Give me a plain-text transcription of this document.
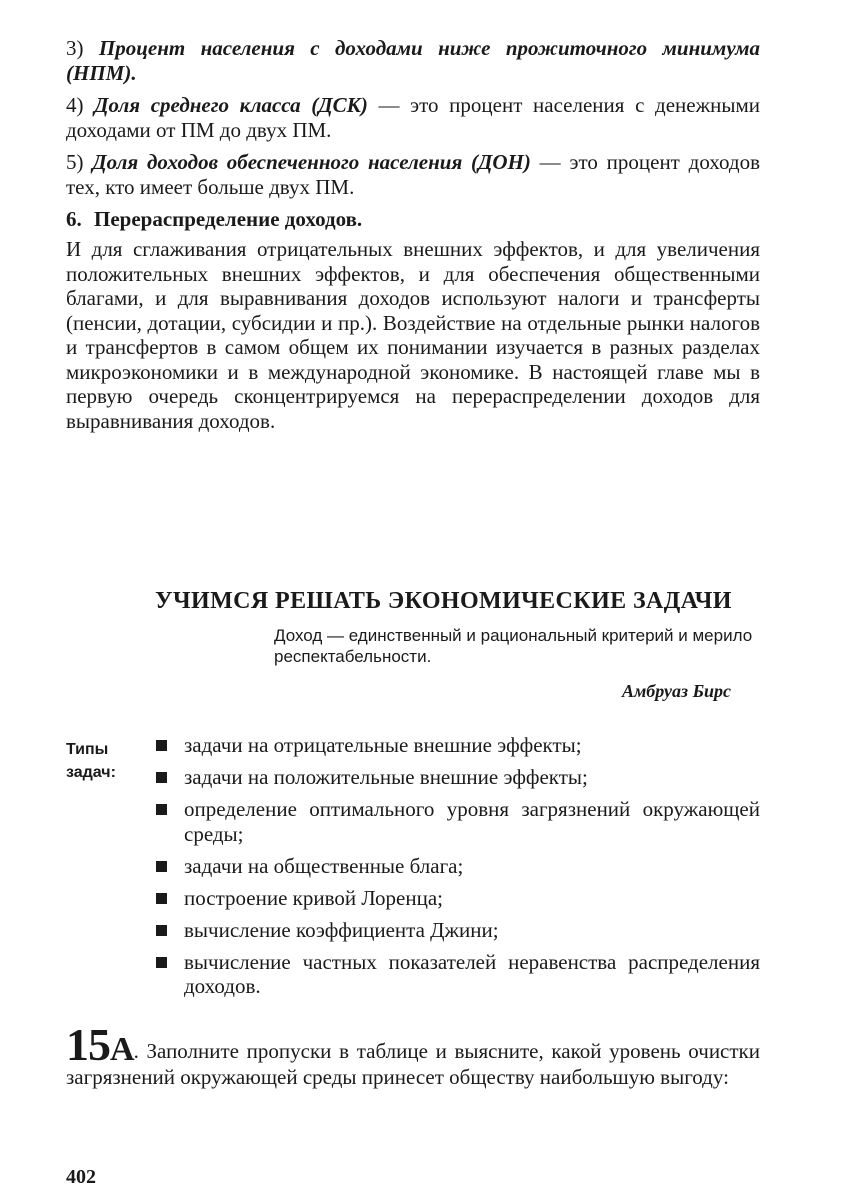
3) Процент населения с доходами ниже прожиточного минимума (НПМ).

4) Доля среднего класса (ДСК) — это процент населения с денежными доходами от ПМ до двух ПМ.

5) Доля доходов обеспеченного населения (ДОН) — это процент доходов тех, кто имеет больше двух ПМ.

6. Перераспределение доходов.

И для сглаживания отрицательных внешних эффектов, и для увеличения положительных внешних эффектов, и для обеспечения общественными благами, и для выравнивания доходов используют налоги и трансферты (пенсии, дотации, субсидии и пр.). Воздействие на отдельные рынки налогов и трансфертов в самом общем их понимании изучается в разных разделах микроэкономики и в международной экономике. В настоящей главе мы в первую очередь сконцентрируемся на перераспределении доходов для выравнивания доходов.

УЧИМСЯ РЕШАТЬ ЭКОНОМИЧЕСКИЕ ЗАДАЧИ
Доход — единственный и рациональный критерий и мерило респектабельности.
Амбруаз Бирс
Типы задач:
задачи на отрицательные внешние эффекты;
задачи на положительные внешние эффекты;
определение оптимального уровня загрязнений окружающей среды;
задачи на общественные блага;
построение кривой Лоренца;
вычисление коэффициента Джини;
вычисление частных показателей неравенства распределения доходов.

15А. Заполните пропуски в таблице и выясните, какой уровень очистки загрязнений окружающей среды принесет обществу наибольшую выгоду:

402
